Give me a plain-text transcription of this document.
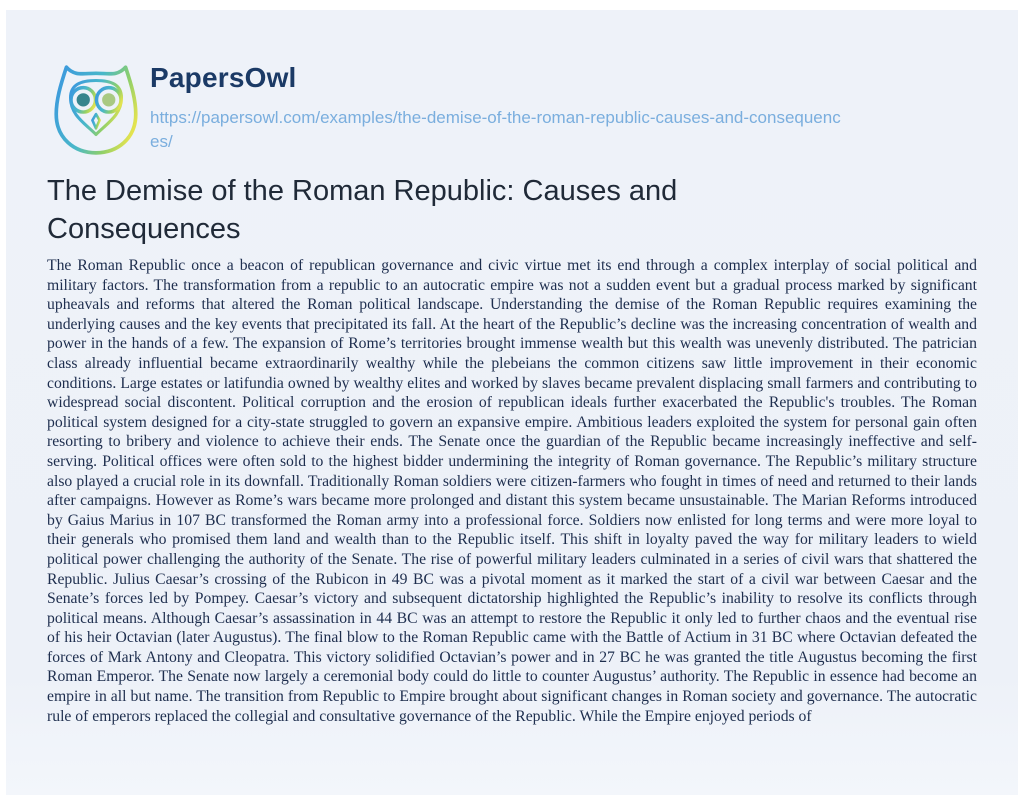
PapersOwl
https://papersowl.com/examples/the-demise-of-the-roman-republic-causes-and-consequences/
The Demise of the Roman Republic: Causes and Consequences

The Roman Republic once a beacon of republican governance and civic virtue met its end through a complex interplay of social political and military factors. The transformation from a republic to an autocratic empire was not a sudden event but a gradual process marked by significant upheavals and reforms that altered the Roman political landscape. Understanding the demise of the Roman Republic requires examining the underlying causes and the key events that precipitated its fall. At the heart of the Republic’s decline was the increasing concentration of wealth and power in the hands of a few. The expansion of Rome’s territories brought immense wealth but this wealth was unevenly distributed. The patrician class already influential became extraordinarily wealthy while the plebeians the common citizens saw little improvement in their economic conditions. Large estates or latifundia owned by wealthy elites and worked by slaves became prevalent displacing small farmers and contributing to widespread social discontent. Political corruption and the erosion of republican ideals further exacerbated the Republic's troubles. The Roman political system designed for a city-state struggled to govern an expansive empire. Ambitious leaders exploited the system for personal gain often resorting to bribery and violence to achieve their ends. The Senate once the guardian of the Republic became increasingly ineffective and self-serving. Political offices were often sold to the highest bidder undermining the integrity of Roman governance. The Republic’s military structure also played a crucial role in its downfall. Traditionally Roman soldiers were citizen-farmers who fought in times of need and returned to their lands after campaigns. However as Rome’s wars became more prolonged and distant this system became unsustainable. The Marian Reforms introduced by Gaius Marius in 107 BC transformed the Roman army into a professional force. Soldiers now enlisted for long terms and were more loyal to their generals who promised them land and wealth than to the Republic itself. This shift in loyalty paved the way for military leaders to wield political power challenging the authority of the Senate. The rise of powerful military leaders culminated in a series of civil wars that shattered the Republic. Julius Caesar’s crossing of the Rubicon in 49 BC was a pivotal moment as it marked the start of a civil war between Caesar and the Senate’s forces led by Pompey. Caesar’s victory and subsequent dictatorship highlighted the Republic’s inability to resolve its conflicts through political means. Although Caesar’s assassination in 44 BC was an attempt to restore the Republic it only led to further chaos and the eventual rise of his heir Octavian (later Augustus). The final blow to the Roman Republic came with the Battle of Actium in 31 BC where Octavian defeated the forces of Mark Antony and Cleopatra. This victory solidified Octavian’s power and in 27 BC he was granted the title Augustus becoming the first Roman Emperor. The Senate now largely a ceremonial body could do little to counter Augustus’ authority. The Republic in essence had become an empire in all but name. The transition from Republic to Empire brought about significant changes in Roman society and governance. The autocratic rule of emperors replaced the collegial and consultative governance of the Republic. While the Empire enjoyed periods of
